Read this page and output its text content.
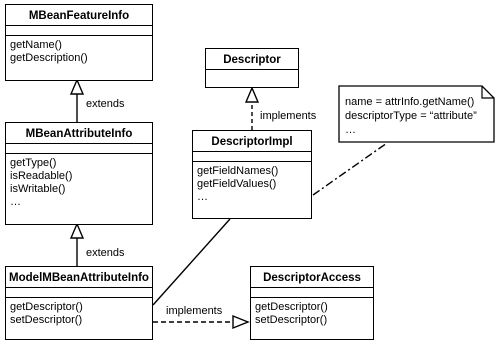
MBeanFeatureInfo
getName()
getDescription()
MBeanAttributeInfo
getType()
isReadable()
isWritable()
…
ModelMBeanAttributeInfo
getDescriptor()
setDescriptor()
Descriptor
DescriptorImpl
getFieldNames()
getFieldValues()
…
DescriptorAccess
getDescriptor()
setDescriptor()
name = attrInfo.getName()
descriptorType = “attribute”
…
extends
extends
implements
implements
